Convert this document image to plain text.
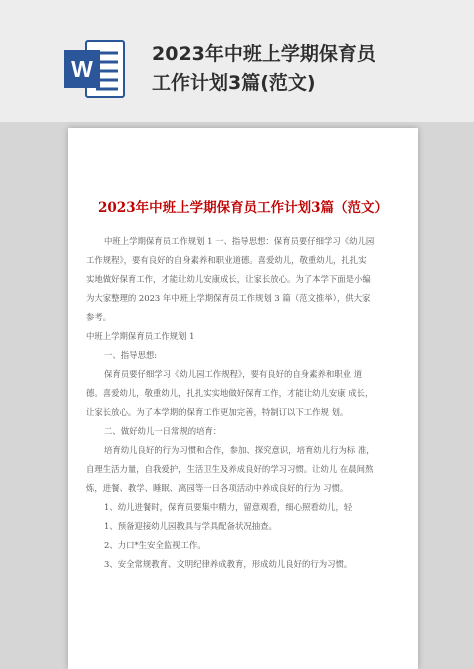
W
2023年中班上学期保育员
工作计划3篇(范文)
2023年中班上学期保育员工作计划3篇（范文）

中班上学期保育员工作规划 1 一、指导思想：保育员要仔细学习《幼儿园

工作规程》，要有良好的自身素养和职业道德。喜爱幼儿，敬重幼儿，扎扎实

实地做好保育工作，才能让幼儿安康成长，让家长放心。为了本学下面是小编

为大家整理的 2023 年中班上学期保育员工作规划 3 篇（范文推举），供大家

参考。

中班上学期保育员工作规划 1

一、指导思想:

保育员要仔细学习《幼儿园工作规程》，要有良好的自身素养和职业 道

德。喜爱幼儿，敬重幼儿，扎扎实实地做好保育工作，才能让幼儿安康 成长，

让家长放心。为了本学期的保育工作更加完善，特制订以下工作规 划。

二、做好幼儿一日常规的培育：

培育幼儿良好的行为习惯和合作，参加、探究意识，培育幼儿行为标 准，

自理生活力量，自我爱护，生活卫生及养成良好的学习习惯。让幼儿 在晨间熬

炼，进餐、教学、睡眠、离园等一日各项活动中养成良好的行为 习惯。

1、幼儿进餐时，保育员要集中精力，留意观看，细心照看幼儿，轻

1、预备迎接幼儿园教具与学具配备状况抽查。

2、力口*生安全监视工作。

3、安全常规教育、文明纪律养成教育，形成幼儿良好的行为习惯。
